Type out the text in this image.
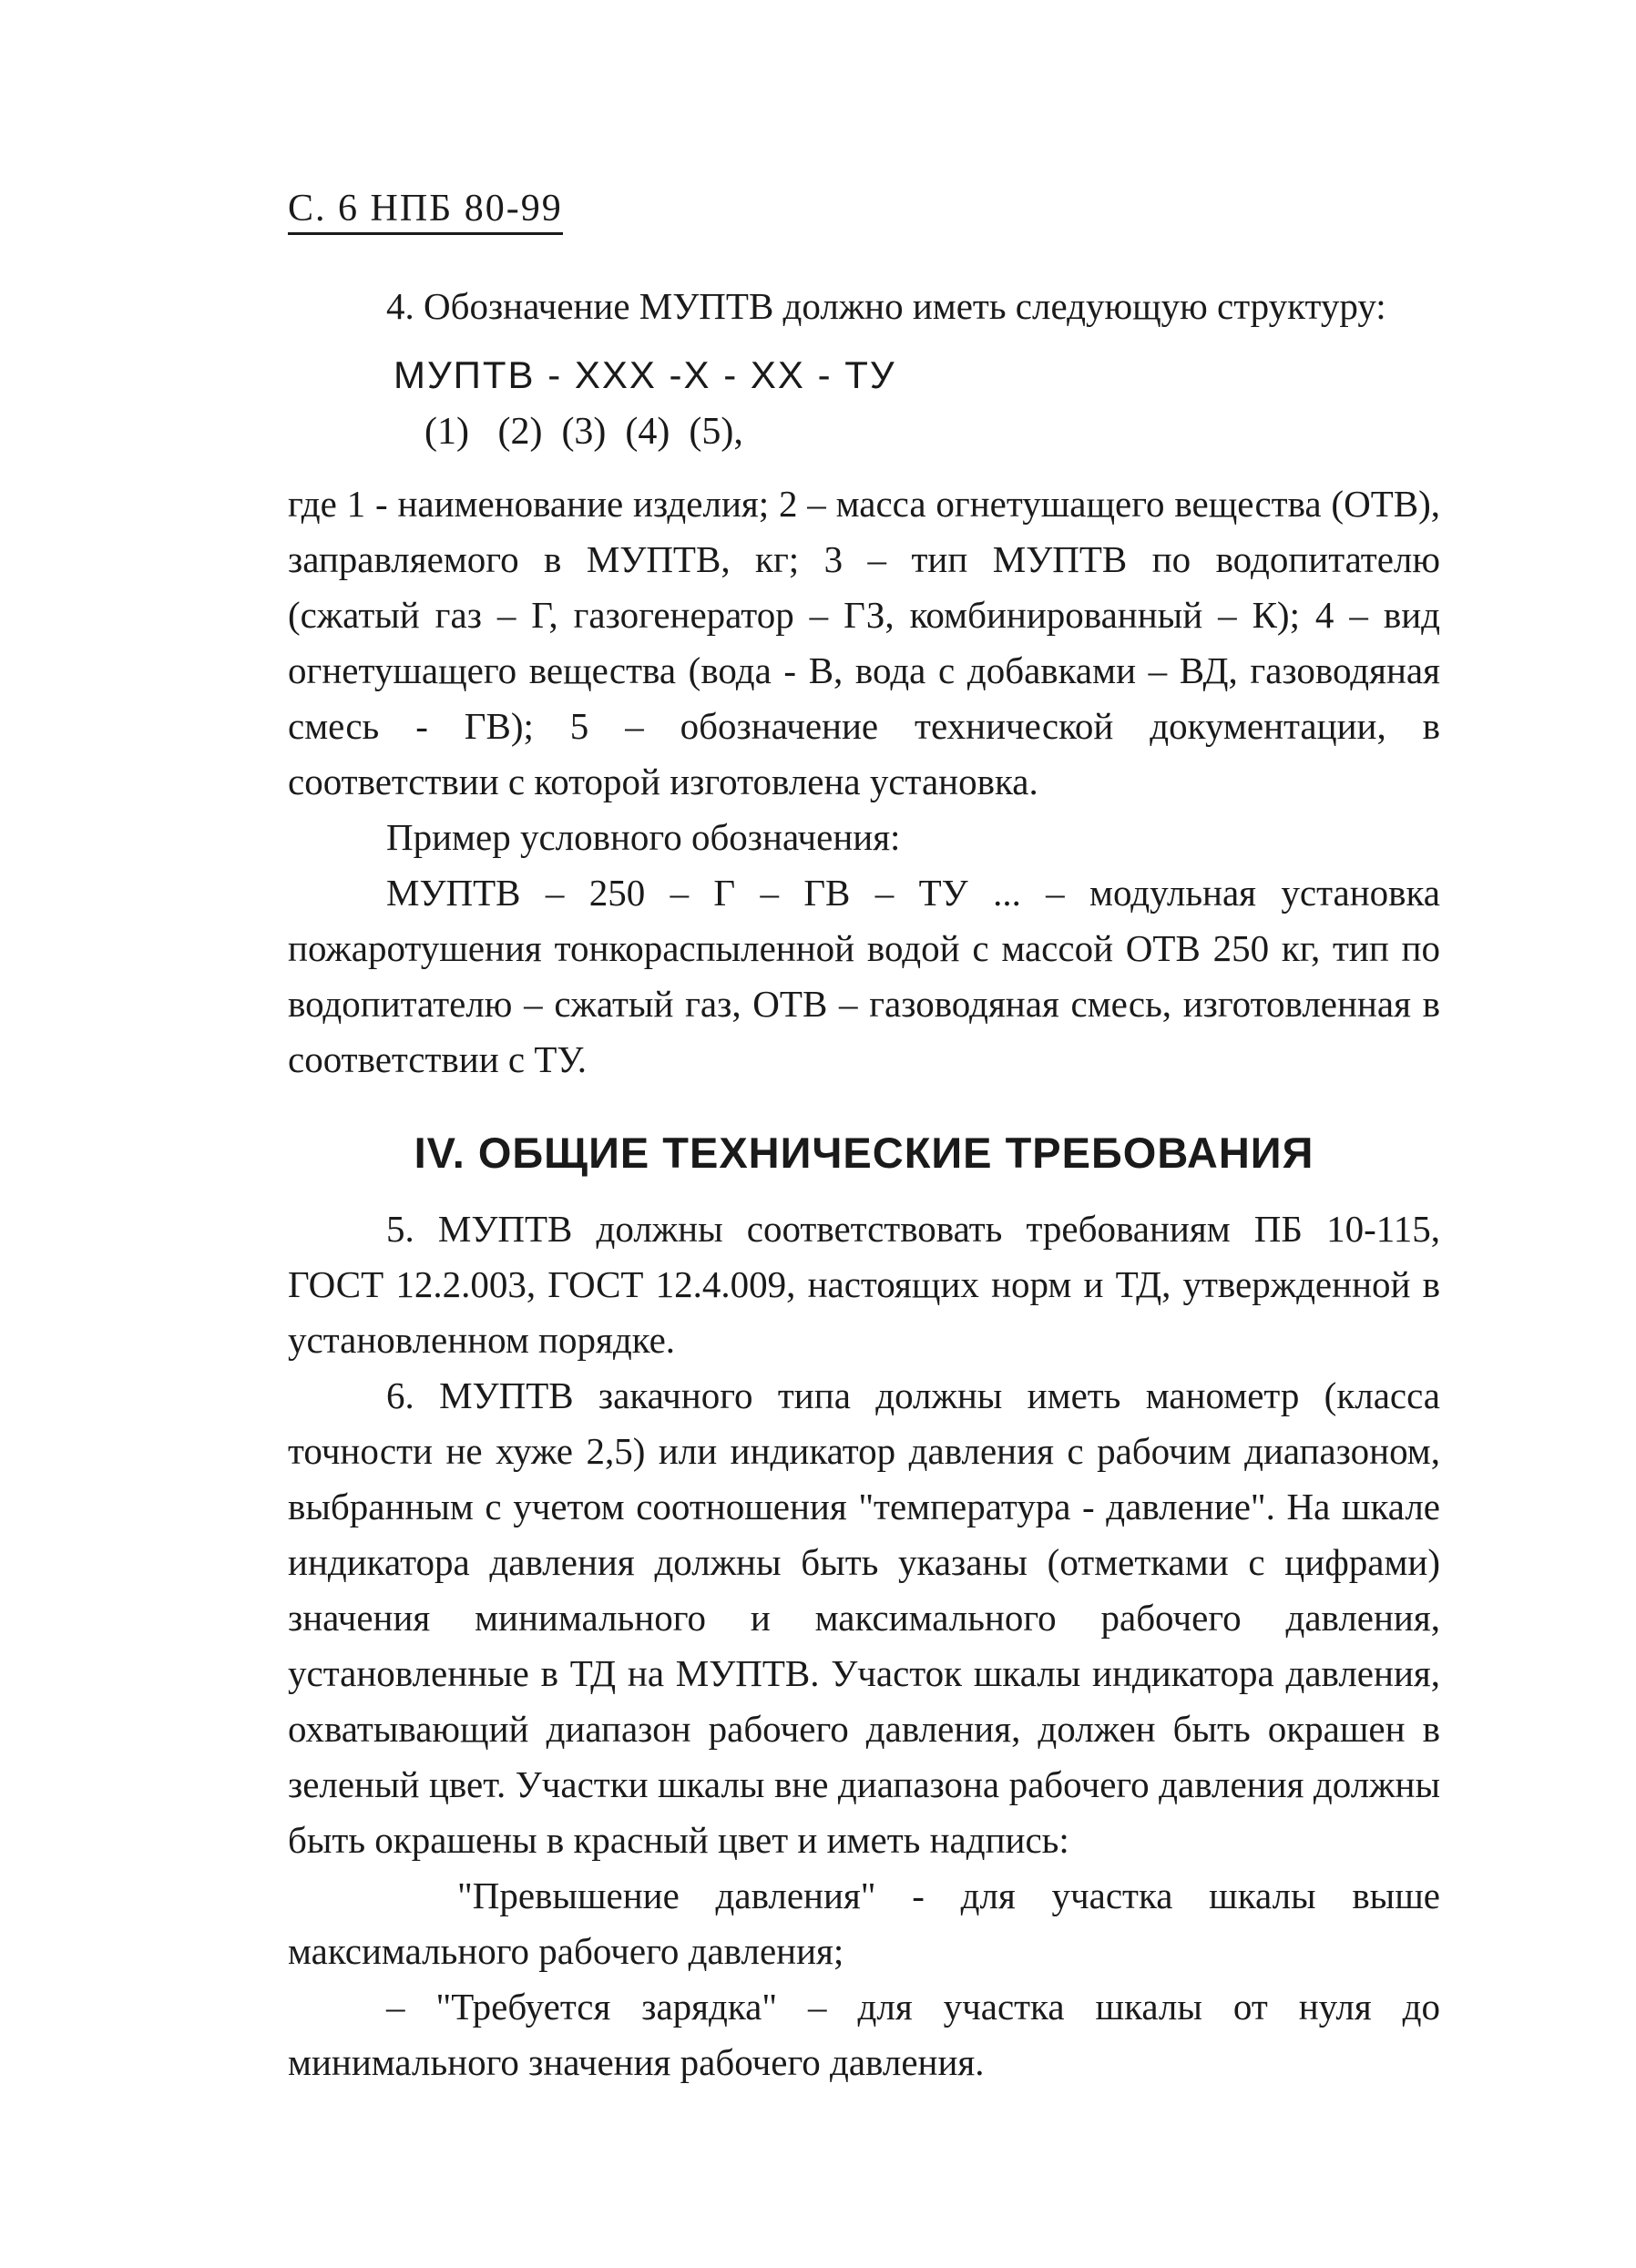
С. 6 НПБ 80-99

4. Обозначение МУПТВ должно иметь следующую структуру:

МУПТВ - ХХХ -Х - ХХ - ТУ
(1)   (2)  (3)  (4)  (5),

где 1 - наименование изделия; 2 – масса огнетушащего вещества (ОТВ), заправляемого в МУПТВ, кг; 3 – тип МУПТВ по водопитателю (сжатый газ – Г, газогенератор – ГЗ, комбинированный – К); 4 – вид огнетушащего вещества (вода - В, вода с добавками – ВД, газоводяная смесь - ГВ); 5 – обозначение технической документации, в соответствии с которой изготовлена установка.

Пример условного обозначения:

МУПТВ – 250 – Г – ГВ – ТУ ... – модульная установка пожаротушения тонкораспыленной водой с массой ОТВ 250 кг, тип по водопитателю – сжатый газ, ОТВ – газоводяная смесь, изготовленная в соответствии с ТУ.

IV. ОБЩИЕ ТЕХНИЧЕСКИЕ ТРЕБОВАНИЯ

5. МУПТВ должны соответствовать требованиям ПБ 10-115, ГОСТ 12.2.003, ГОСТ 12.4.009, настоящих норм и ТД, утвержденной в установленном порядке.

6. МУПТВ закачного типа должны иметь манометр (класса точности не хуже 2,5) или индикатор давления с рабочим диапазоном, выбранным с учетом соотношения "температура - давление". На шкале индикатора давления должны быть указаны (отметками с цифрами) значения минимального и максимального рабочего давления, установленные в ТД на МУПТВ. Участок шкалы индикатора давления, охватывающий диапазон рабочего давления, должен быть окрашен в зеленый цвет. Участки шкалы вне диапазона рабочего давления должны быть окрашены в красный цвет и иметь надпись:

"Превышение давления" - для участка шкалы выше максимального рабочего давления;

– "Требуется зарядка" – для участка шкалы от нуля до минимального значения рабочего давления.
